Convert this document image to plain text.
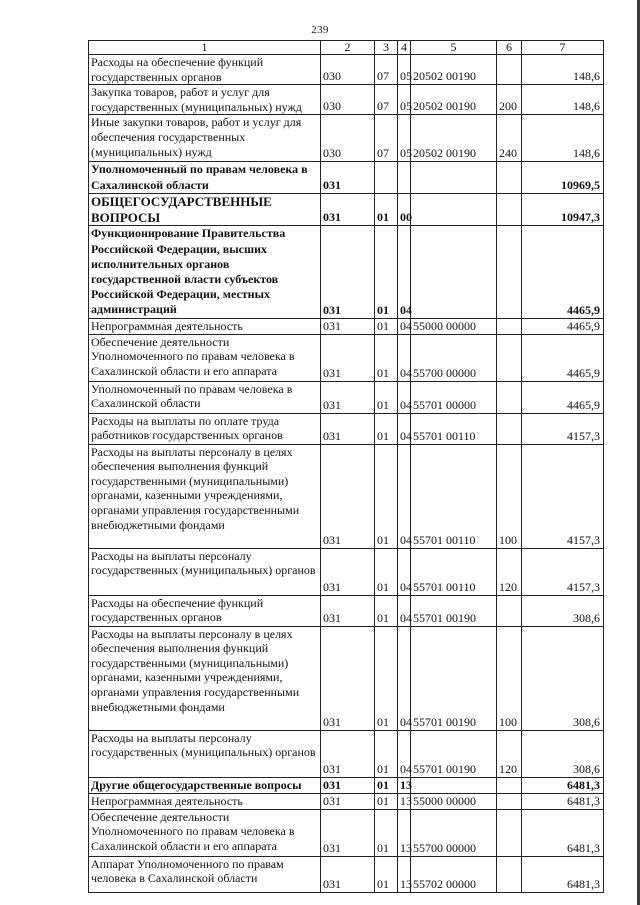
239
1	2	3	4	5	6	7
Расходы на обеспечение функций государственных органов	030	07	05	20502 00190		148,6
Закупка товаров, работ и услуг для государственных (муниципальных) нужд	030	07	05	20502 00190	200	148,6
Иные закупки товаров, работ и услуг для обеспечения государственных (муниципальных) нужд	030	07	05	20502 00190	240	148,6
Уполномоченный по правам человека в Сахалинской области	031					10969,5
ОБЩЕГОСУДАРСТВЕННЫЕ ВОПРОСЫ	031	01	00			10947,3
Функционирование Правительства Российской Федерации, высших исполнительных органов государственной власти субъектов Российской Федерации, местных администраций	031	01	04			4465,9
Непрограммная деятельность	031	01	04	55000 00000		4465,9
Обеспечение деятельности Уполномоченного по правам человека в Сахалинской области и его аппарата	031	01	04	55700 00000		4465,9
Уполномоченный по правам человека в Сахалинской области	031	01	04	55701 00000		4465,9
Расходы на выплаты по оплате труда работников государственных органов	031	01	04	55701 00110		4157,3
Расходы на выплаты персоналу в целях обеспечения выполнения функций государственными (муниципальными) органами, казенными учреждениями, органами управления государственными внебюджетными фондами	031	01	04	55701 00110	100	4157,3
Расходы на выплаты персоналу государственных (муниципальных) органов	031	01	04	55701 00110	120	4157,3
Расходы на обеспечение функций государственных органов	031	01	04	55701 00190		308,6
Расходы на выплаты персоналу в целях обеспечения выполнения функций государственными (муниципальными) органами, казенными учреждениями, органами управления государственными внебюджетными фондами	031	01	04	55701 00190	100	308,6
Расходы на выплаты персоналу государственных (муниципальных) органов	031	01	04	55701 00190	120	308,6
Другие общегосударственные вопросы	031	01	13			6481,3
Непрограммная деятельность	031	01	13	55000 00000		6481,3
Обеспечение деятельности Уполномоченного по правам человека в Сахалинской области и его аппарата	031	01	13	55700 00000		6481,3
Аппарат Уполномоченного по правам человека в Сахалинской области	031	01	13	55702 00000		6481,3
